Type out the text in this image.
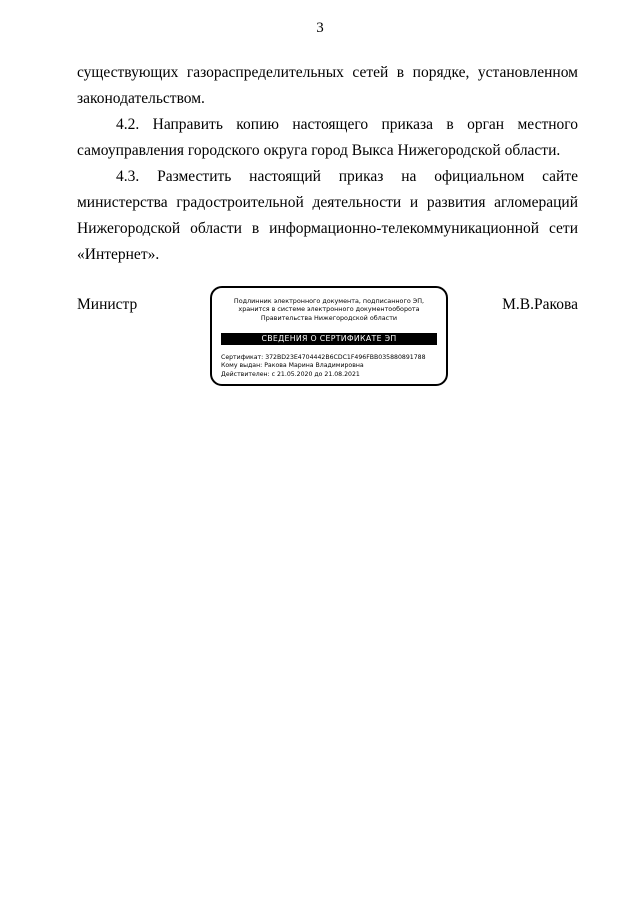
3

существующих газораспределительных сетей в порядке, установленном законодательством.

4.2. Направить копию настоящего приказа в орган местного самоуправления городского округа город Выкса Нижегородской области.

4.3. Разместить настоящий приказ на официальном сайте министерства градостроительной деятельности и развития агломераций Нижегородской области в информационно-телекоммуникационной сети «Интернет».

Министр	М.В.Ракова
Подлинник электронного документа, подписанного ЭП,
хранится в системе электронного документооборота
Правительства Нижегородской области
СВЕДЕНИЯ О СЕРТИФИКАТЕ ЭП
Сертификат: 372BD23E4704442B6CDC1F496FBB035880891788
Кому выдан: Ракова Марина Владимировна
Действителен: с 21.05.2020 до 21.08.2021
